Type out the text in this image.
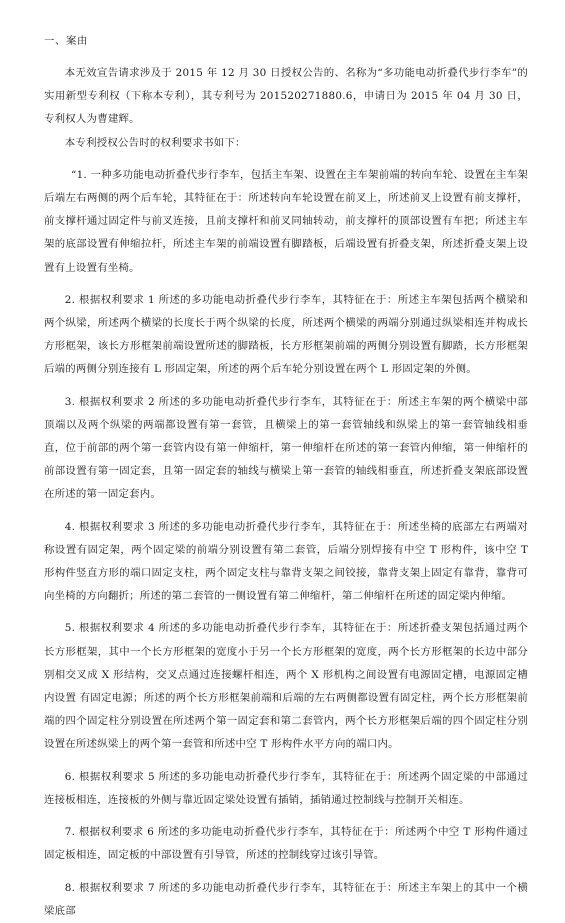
一、案由

本无效宣告请求涉及于 2015 年 12 月 30 日授权公告的、名称为“多功能电动折叠代步行李车”的实用新型专利权（下称本专利），其专利号为 201520271880.6，申请日为 2015 年 04 月 30 日，专利权人为曹建辉。

本专利授权公告时的权利要求书如下：

“1. 一种多功能电动折叠代步行李车，包括主车架、设置在主车架前端的转向车轮、设置在主车架后端左右两侧的两个后车轮，其特征在于：所述转向车轮设置在前叉上，所述前叉上设置有前支撑杆，前支撑杆通过固定件与前叉连接，且前支撑杆和前叉同轴转动，前支撑杆的顶部设置有车把；所述主车架的底部设置有伸缩拉杆，所述主车架的前端设置有脚踏板，后端设置有折叠支架，所述折叠支架上设置有上设置有坐椅。

2. 根据权利要求 1 所述的多功能电动折叠代步行李车，其特征在于：所述主车架包括两个横梁和两个纵梁，所述两个横梁的长度长于两个纵梁的长度，所述两个横梁的两端分别通过纵梁相连并构成长方形框架，该长方形框架前端设置所述的脚踏板，长方形框架前端的两侧分别设置有脚踏，长方形框架后端的两侧分别连接有 L 形固定架，所述的两个后车轮分别设置在两个 L 形固定架的外侧。

3. 根据权利要求 2 所述的多功能电动折叠代步行李车，其特征在于：所述主车架的两个横梁中部顶端以及两个纵梁的两端都设置有第一套管，且横梁上的第一套管轴线和纵梁上的第一套管轴线相垂直，位于前部的两个第一套管内设有第一伸缩杆，第一伸缩杆在所述的第一套管内伸缩，第一伸缩杆的前部设置有第一固定套，且第一固定套的轴线与横梁上第一套管的轴线相垂直，所述折叠支架底部设置在所述的第一固定套内。

4. 根据权利要求 3 所述的多功能电动折叠代步行李车，其特征在于：所述坐椅的底部左右两端对称设置有固定架，两个固定梁的前端分别设置有第二套管，后端分别焊接有中空 T 形构件，该中空 T 形构件竖直方形的端口固定支柱，两个固定支柱与靠背支架之间铰接，靠背支架上固定有靠背，靠背可向坐椅的方向翻折；所述的第二套管的一侧设置有第二伸缩杆，第二伸缩杆在所述的固定梁内伸缩。

5. 根据权利要求 4 所述的多功能电动折叠代步行李车，其特征在于：所述折叠支架包括通过两个长方形框架，其中一个长方形框架的宽度小于另一个长方形框架的宽度，两个长方形框架的长边中部分别相交叉成 X 形结构，交叉点通过连接螺杆相连，两个 X 形机构之间设置有电源固定槽，电源固定槽内设置 有固定电源；所述的两个长方形框架前端和后端的左右两侧都设置有固定柱，两个长方形框架前端的四个固定柱分别设置在所述两个第一固定套和第二套管内，两个长方形框架后端的四个固定柱分别设置在所述纵梁上的两个第一套管和所述中空 T 形构件水平方向的端口内。

6. 根据权利要求 5 所述的多功能电动折叠代步行李车，其特征在于：所述两个固定梁的中部通过连接板相连，连接板的外侧与靠近固定梁处设置有插销，插销通过控制线与控制开关相连。

7. 根据权利要求 6 所述的多功能电动折叠代步行李车，其特征在于：所述两个中空 T 形构件通过固定板相连，固定板的中部设置有引导管，所述的控制线穿过该引导管。

8. 根据权利要求 7 所述的多功能电动折叠代步行李车，其特征在于：所述主车架上的其中一个横梁底部
